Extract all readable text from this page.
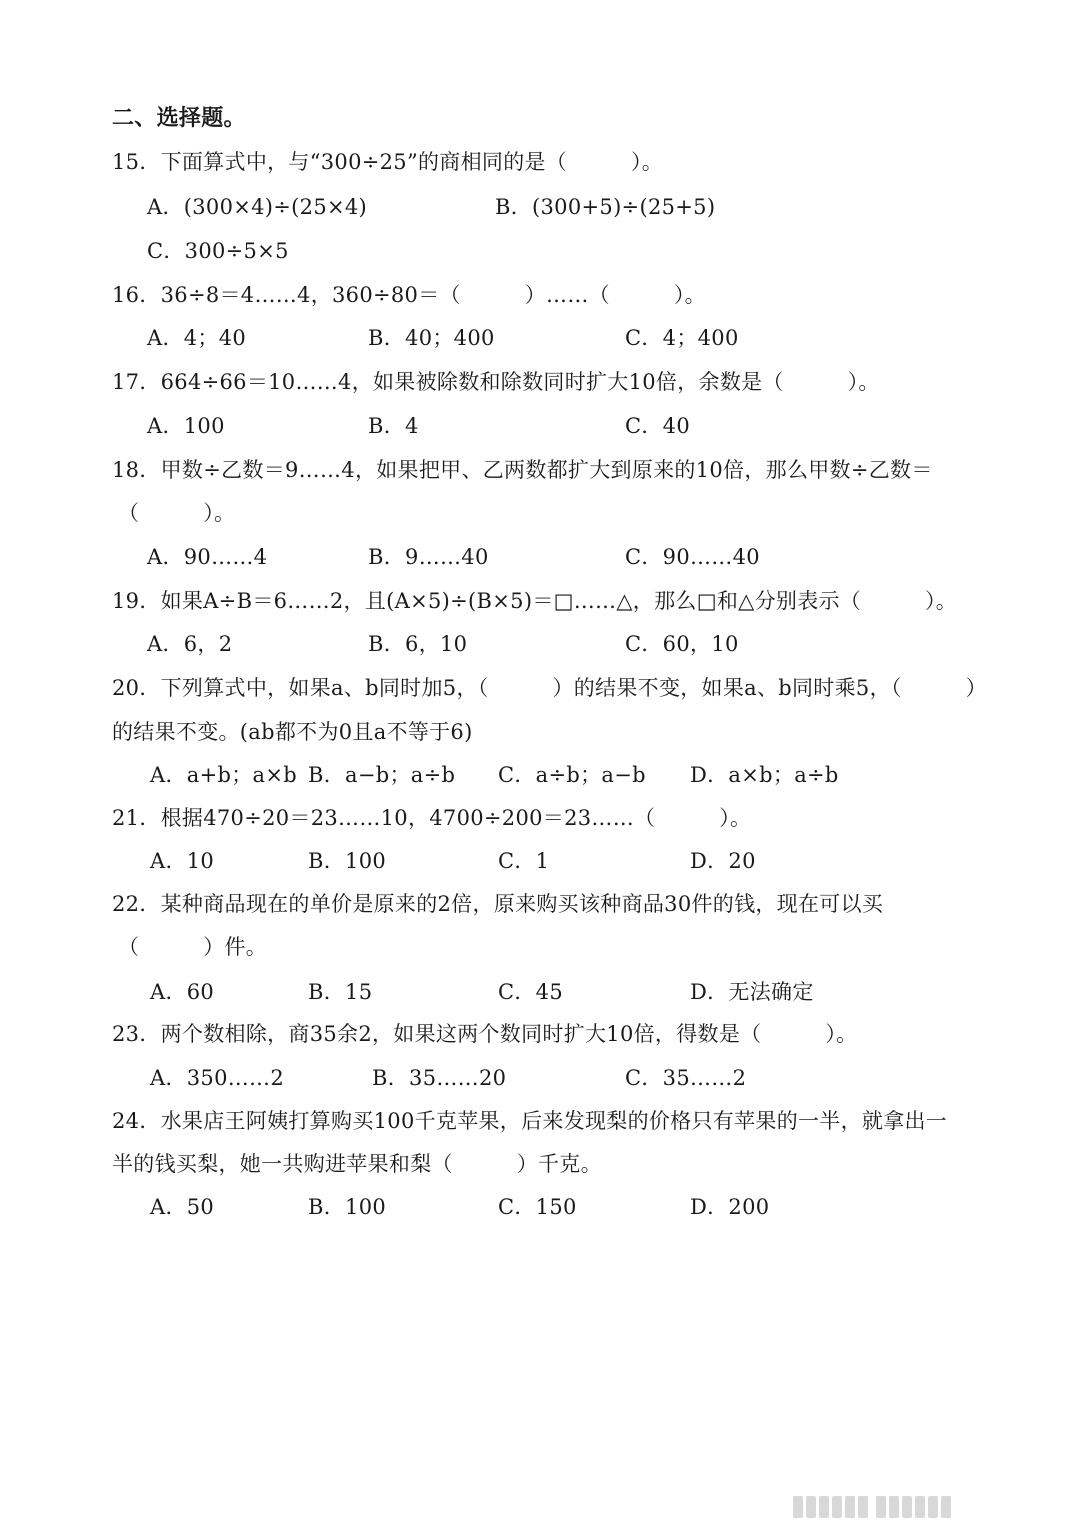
二、选择题。
15．下面算式中，与“300÷25”的商相同的是（　　　）。
A．(300×4)÷(25×4)	B．(300+5)÷(25+5)
C．300÷5×5
16．36÷8＝4……4，360÷80＝（　　　）……（　　　）。
A．4；40	B．40；400	C．4；400
17．664÷66＝10……4，如果被除数和除数同时扩大10倍，余数是（　　　）。
A．100	B．4	C．40
18．甲数÷乙数＝9……4，如果把甲、乙两数都扩大到原来的10倍，那么甲数÷乙数＝
（　　　）。
A．90……4	B．9……40	C．90……40
19．如果A÷B＝6……2，且(A×5)÷(B×5)＝□……△，那么□和△分别表示（　　　）。
A．6，2	B．6，10	C．60，10
20．下列算式中，如果a、b同时加5，（　　　）的结果不变，如果a、b同时乘5，（　　　）
的结果不变。(ab都不为0且a不等于6)
A．a+b；a×b B．a−b；a÷b C．a÷b；a−b D．a×b；a÷b
21．根据470÷20＝23……10，4700÷200＝23……（　　　）。
A．10	B．100	C．1	D．20
22．某种商品现在的单价是原来的2倍，原来购买该种商品30件的钱，现在可以买
（　　　）件。
A．60	B．15	C．45	D．无法确定
23．两个数相除，商35余2，如果这两个数同时扩大10倍，得数是（　　　）。
A．350……2	B．35……20	C．35……2
24．水果店王阿姨打算购买100千克苹果，后来发现梨的价格只有苹果的一半，就拿出一
半的钱买梨，她一共购进苹果和梨（　　　）千克。
A．50	B．100	C．150	D．200
